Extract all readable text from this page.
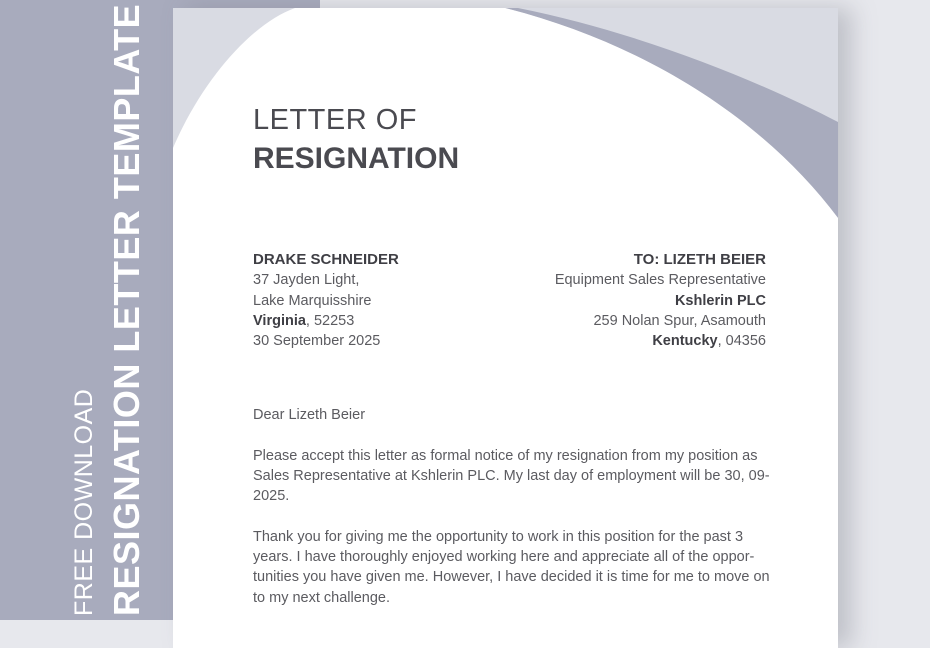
FREE DOWNLOAD RESIGNATION LETTER TEMPLATE	LETTER OF
RESIGNATION
DRAKE SCHNEIDER
37 Jayden Light,
Lake Marquisshire
Virginia, 52253
30 September 2025
TO: LIZETH BEIER
Equipment Sales Representative
Kshlerin PLC
259 Nolan Spur, Asamouth
Kentucky, 04356
Dear Lizeth Beier
Please accept this letter as formal notice of my resignation from my position as Sales Representative at Kshlerin PLC. My last day of employment will be 30, 09-2025.
Thank you for giving me the opportunity to work in this position for the past 3 years. I have thoroughly enjoyed working here and appreciate all of the oppor-tunities you have given me. However, I have decided it is time for me to move on to my next challenge.
